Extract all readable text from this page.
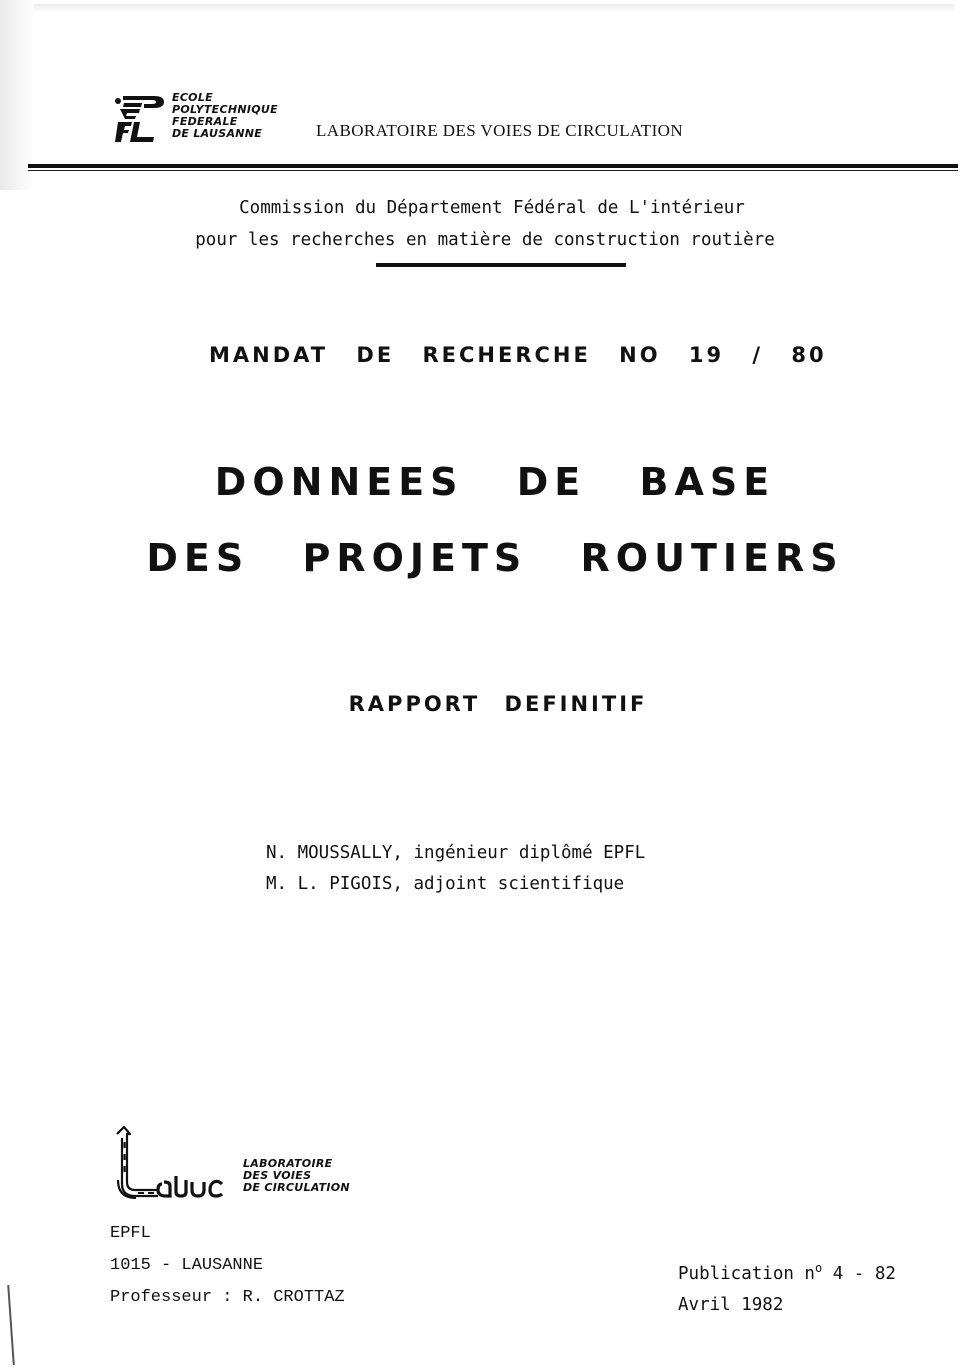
ECOLE
POLYTECHNIQUE
FEDERALE
DE LAUSANNE	LABORATOIRE DES VOIES DE CIRCULATION
Commission du Département Fédéral de L'intérieur
pour les recherches en matière de construction routière
MANDAT DE RECHERCHE NO 19 / 80
DONNEES DE BASE
DES PROJETS ROUTIERS
RAPPORT DEFINITIF
N. MOUSSALLY, ingénieur diplômé EPFL
M. L. PIGOIS, adjoint scientifique
LABORATOIRE
DES VOIES
DE CIRCULATION
EPFL
1015 - LAUSANNE
Professeur : R. CROTTAZ
Publication $n^o$ 4 - 82
Avril 1982
